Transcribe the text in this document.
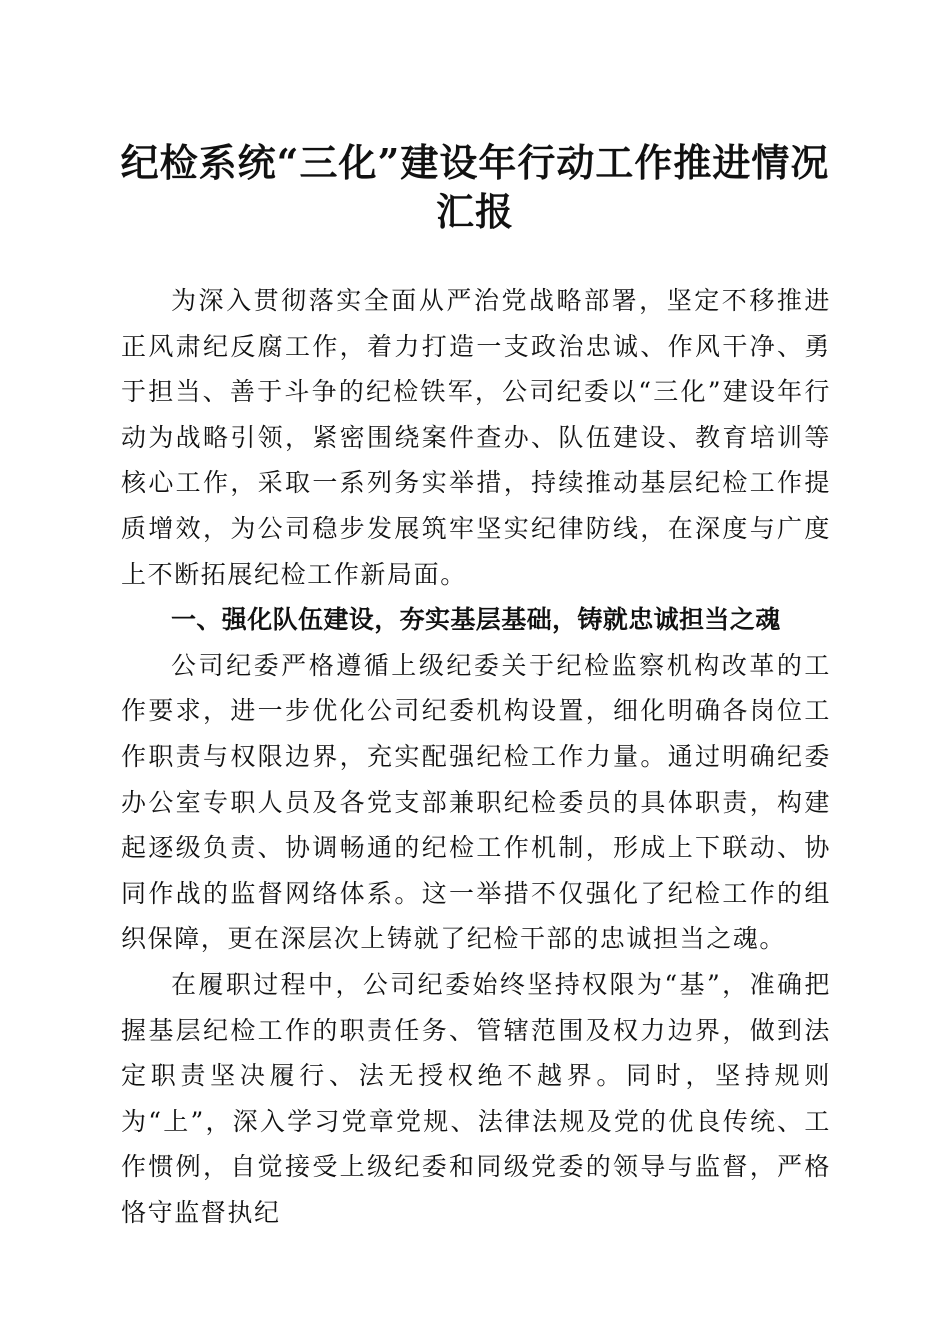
纪检系统“三化”建设年行动工作推进情况汇报

为深入贯彻落实全面从严治党战略部署，坚定不移推进正风肃纪反腐工作，着力打造一支政治忠诚、作风干净、勇于担当、善于斗争的纪检铁军，公司纪委以“三化”建设年行动为战略引领，紧密围绕案件查办、队伍建设、教育培训等核心工作，采取一系列务实举措，持续推动基层纪检工作提质增效，为公司稳步发展筑牢坚实纪律防线，在深度与广度上不断拓展纪检工作新局面。

一、强化队伍建设，夯实基层基础，铸就忠诚担当之魂

公司纪委严格遵循上级纪委关于纪检监察机构改革的工作要求，进一步优化公司纪委机构设置，细化明确各岗位工作职责与权限边界，充实配强纪检工作力量。通过明确纪委办公室专职人员及各党支部兼职纪检委员的具体职责，构建起逐级负责、协调畅通的纪检工作机制，形成上下联动、协同作战的监督网络体系。这一举措不仅强化了纪检工作的组织保障，更在深层次上铸就了纪检干部的忠诚担当之魂。

在履职过程中，公司纪委始终坚持权限为“基”，准确把握基层纪检工作的职责任务、管辖范围及权力边界，做到法定职责坚决履行、法无授权绝不越界。同时，坚持规则为“上”，深入学习党章党规、法律法规及党的优良传统、工作惯例，自觉接受上级纪委和同级党委的领导与监督，严格恪守监督执纪
